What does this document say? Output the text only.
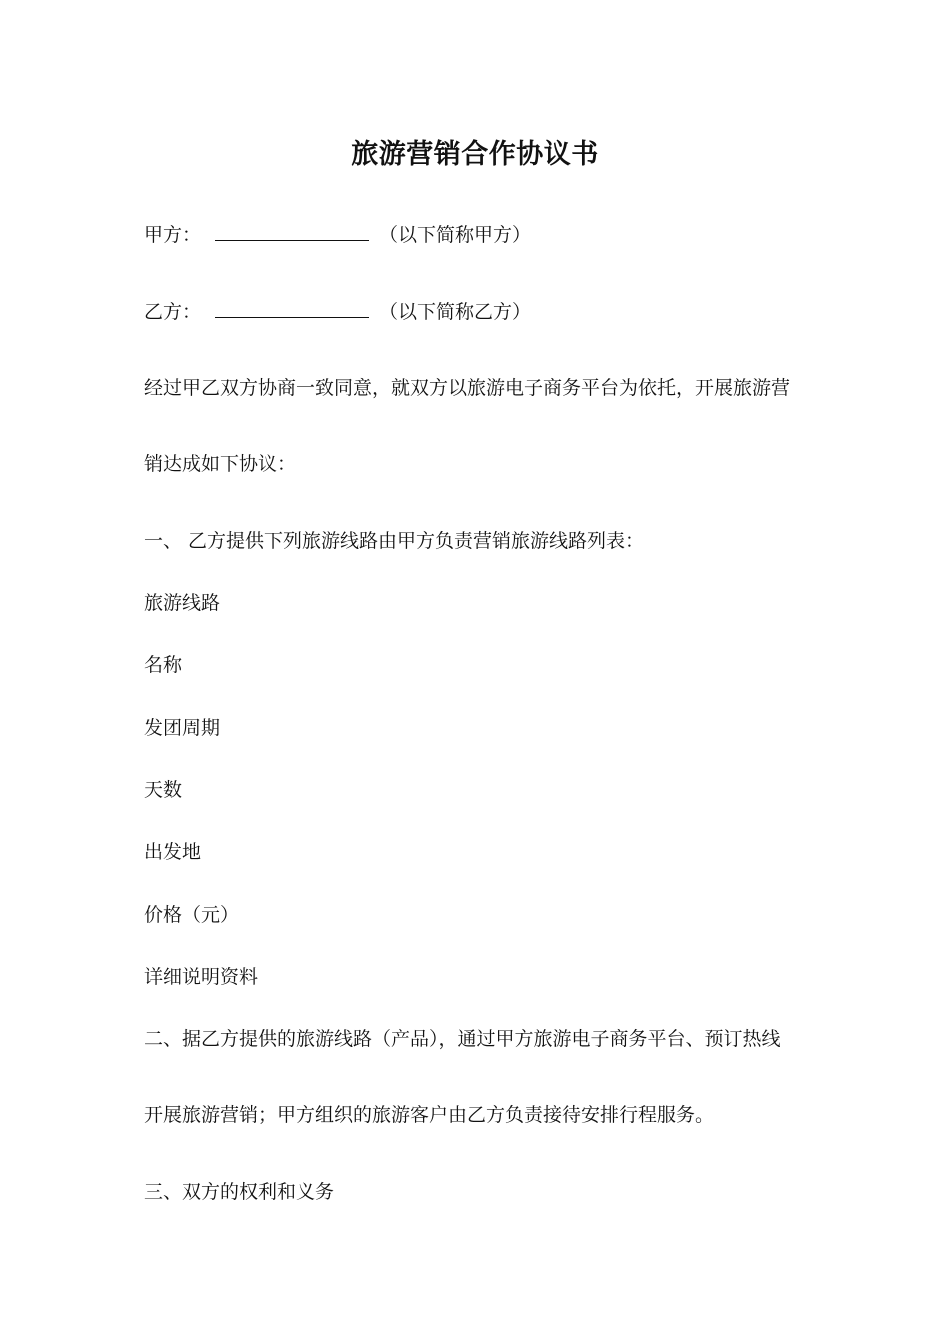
旅游营销合作协议书
甲方：	（以下简称甲方）
乙方：	（以下简称乙方）
经过甲乙双方协商一致同意，就双方以旅游电子商务平台为依托，开展旅游营
销达成如下协议：
一、 乙方提供下列旅游线路由甲方负责营销旅游线路列表：
旅游线路
名称
发团周期
天数
出发地
价格（元）
详细说明资料
二、据乙方提供的旅游线路（产品），通过甲方旅游电子商务平台、预订热线
开展旅游营销；甲方组织的旅游客户由乙方负责接待安排行程服务。
三、双方的权利和义务
